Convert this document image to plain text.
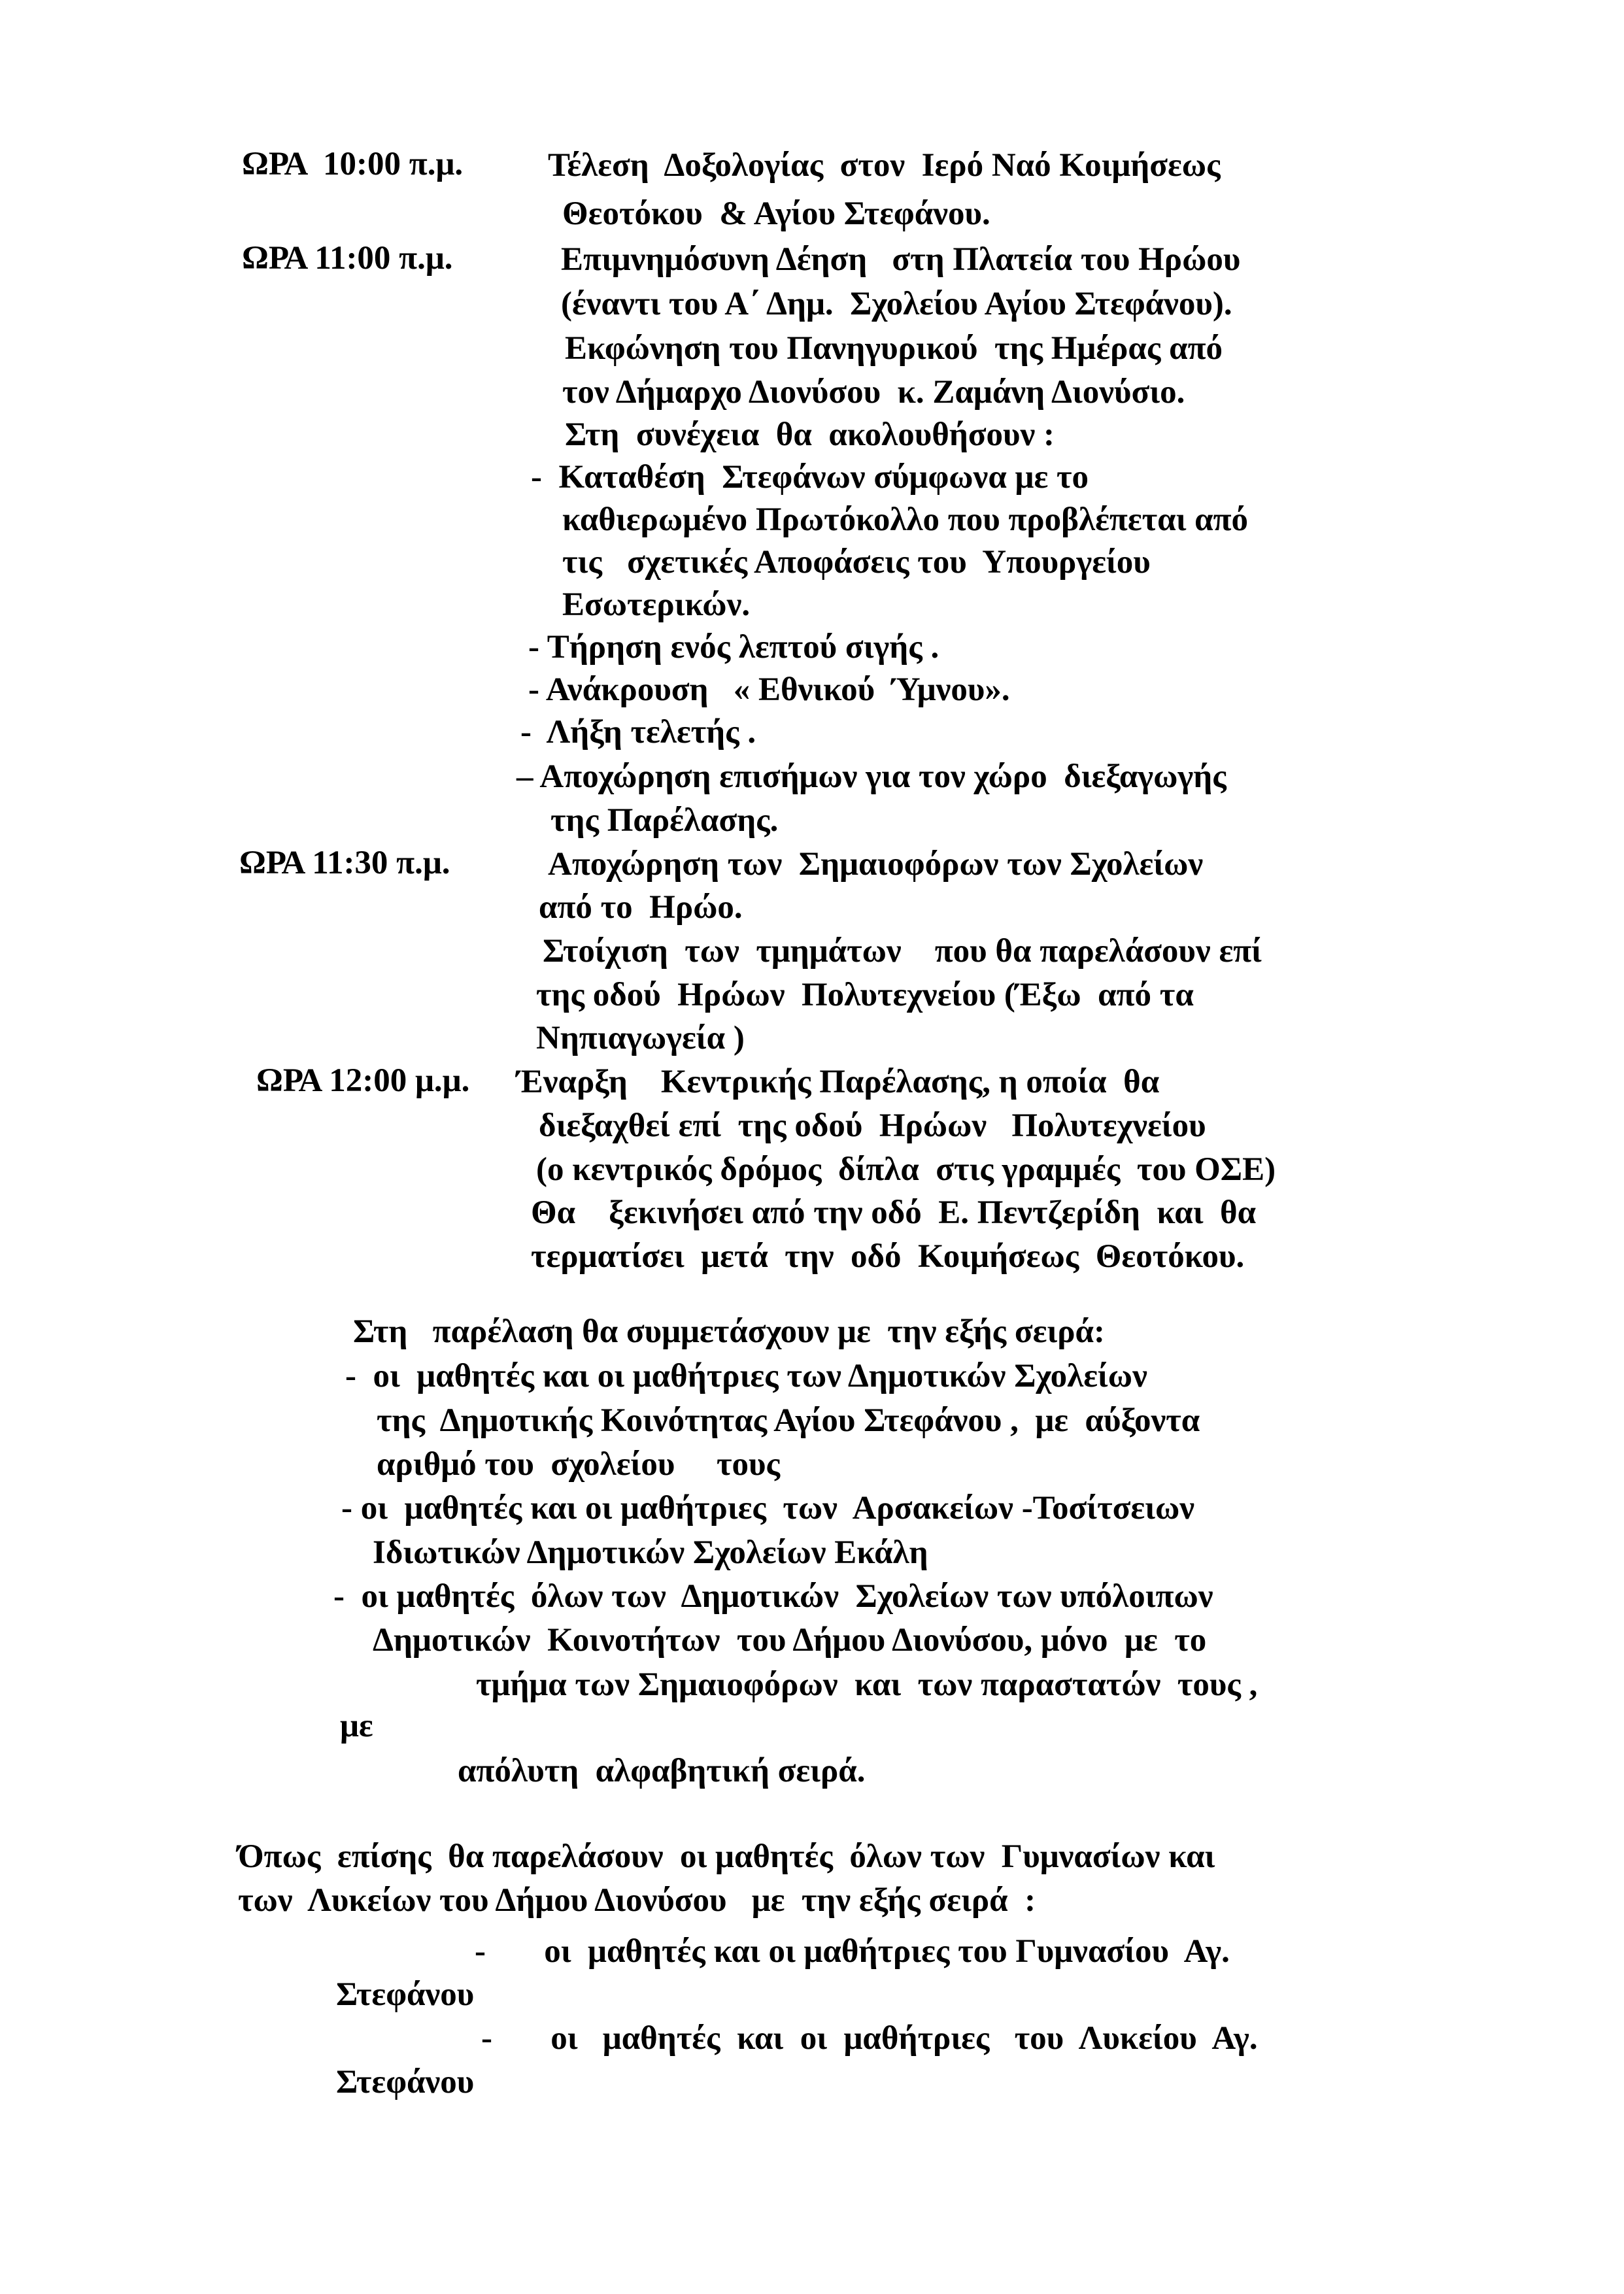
ΩΡΑ  10:00 π.μ.	Τέλεση  Δοξολογίας  στον  Ιερό Ναό Κοιμήσεως
Θεοτόκου  & Αγίου Στεφάνου.
ΩΡΑ 11:00 π.μ.	Επιμνημόσυνη Δέηση   στη Πλατεία του Ηρώου
(έναντι του Α΄ Δημ.  Σχολείου Αγίου Στεφάνου).
Εκφώνηση του Πανηγυρικού  της Ημέρας από
τον Δήμαρχο Διονύσου  κ. Ζαμάνη Διονύσιο.
Στη  συνέχεια  θα  ακολουθήσουν :
-  Καταθέση  Στεφάνων σύμφωνα με το
καθιερωμένο Πρωτόκολλο που προβλέπεται από
τις   σχετικές Αποφάσεις του  Υπουργείου
Εσωτερικών.
- Τήρηση ενός λεπτού σιγής .
- Ανάκρουση   « Εθνικού  Ύμνου».
-  Λήξη τελετής .
– Αποχώρηση επισήμων για τον χώρο  διεξαγωγής
της Παρέλασης.
ΩΡΑ 11:30 π.μ.	Αποχώρηση των  Σημαιοφόρων των Σχολείων
από το  Ηρώο.
Στοίχιση  των  τμημάτων    που θα παρελάσουν επί
της οδού  Ηρώων  Πολυτεχνείου (Έξω  από τα
Νηπιαγωγεία )
ΩΡΑ 12:00 μ.μ. Έναρξη    Κεντρικής Παρέλασης, η οποία  θα
διεξαχθεί επί  της οδού  Ηρώων   Πολυτεχνείου
(ο κεντρικός δρόμος  δίπλα  στις γραμμές  του ΟΣΕ)
Θα    ξεκινήσει από την οδό  Ε. Πεντζερίδη  και  θα
τερματίσει  μετά  την  οδό  Κοιμήσεως  Θεοτόκου.
Στη   παρέλαση θα συμμετάσχουν με  την εξής σειρά:
-  οι  μαθητές και οι μαθήτριες των Δημοτικών Σχολείων
της  Δημοτικής Κοινότητας Αγίου Στεφάνου ,  με  αύξοντα
αριθμό του  σχολείου     τους
- οι  μαθητές και οι μαθήτριες  των  Αρσακείων -Τοσίτσειων
Ιδιωτικών Δημοτικών Σχολείων Εκάλη
-  οι μαθητές  όλων των  Δημοτικών  Σχολείων των υπόλοιπων
Δημοτικών  Κοινοτήτων  του Δήμου Διονύσου, μόνο  με  το
τμήμα των Σημαιοφόρων  και  των παραστατών  τους ,
με
απόλυτη  αλφαβητική σειρά.
Όπως  επίσης  θα παρελάσουν  οι μαθητές  όλων των  Γυμνασίων και
των  Λυκείων του Δήμου Διονύσου   με  την εξής σειρά  :
-       οι  μαθητές και οι μαθήτριες του Γυμνασίου  Αγ.
Στεφάνου
-       οι   μαθητές  και  οι  μαθήτριες   του  Λυκείου  Αγ.
Στεφάνου
